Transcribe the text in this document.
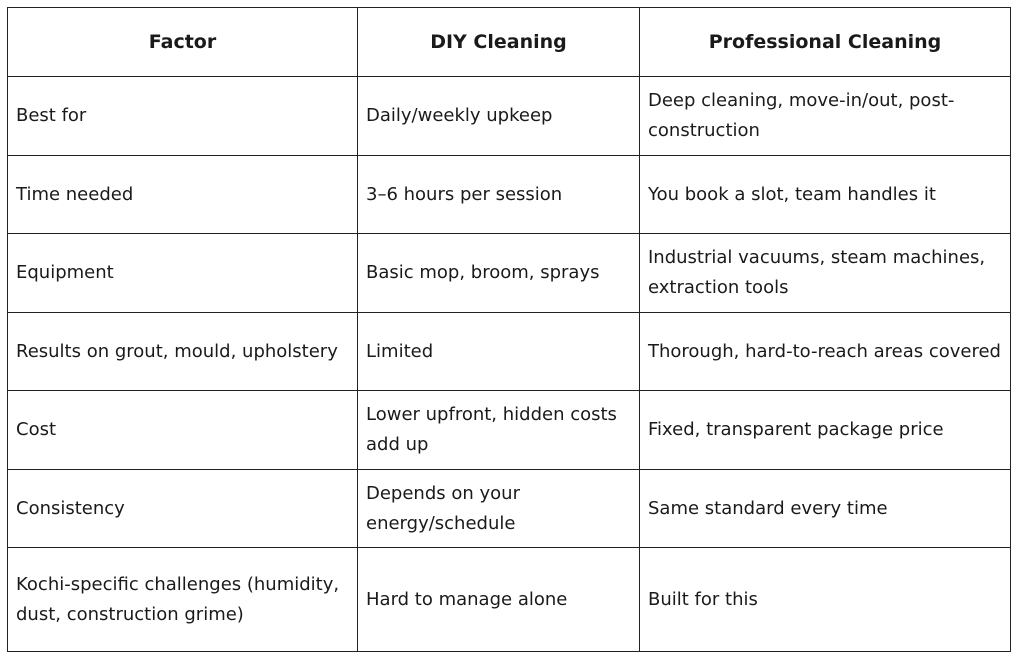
Factor	DIY Cleaning	Professional Cleaning
Best for	Daily/weekly upkeep	Deep cleaning, move-in/out, post-construction
Time needed	3–6 hours per session	You book a slot, team handles it
Equipment	Basic mop, broom, sprays	Industrial vacuums, steam machines, extraction tools
Results on grout, mould, upholstery	Limited	Thorough, hard-to-reach areas covered
Cost	Lower upfront, hidden costs add up	Fixed, transparent package price
Consistency	Depends on your energy/schedule	Same standard every time
Kochi-specific challenges (humidity, dust, construction grime)	Hard to manage alone	Built for this
